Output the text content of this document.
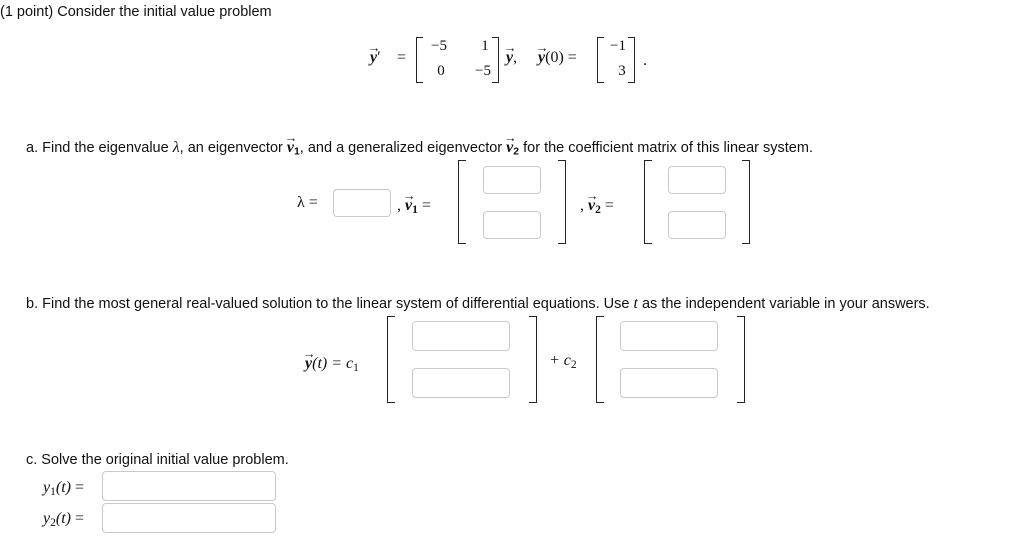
(1 point) Consider the initial value problem
→ y′ =
−5	1
0	−5
→ y, → y(0) =
−1
3
.
a. Find the eigenvalue λ, an eigenvector → $v_1$, and a generalized eigenvector → $v_2$ for the coefficient matrix of this linear system.
λ =	, → $v_1$ =	, → $v_2$ =
b. Find the most general real-valued solution to the linear system of differential equations. Use t as the independent variable in your answers.
→ $y(t) = c_1$	+ $c_2$
c. Solve the original initial value problem.
$y_1(t)$ =
$y_2(t)$ =
